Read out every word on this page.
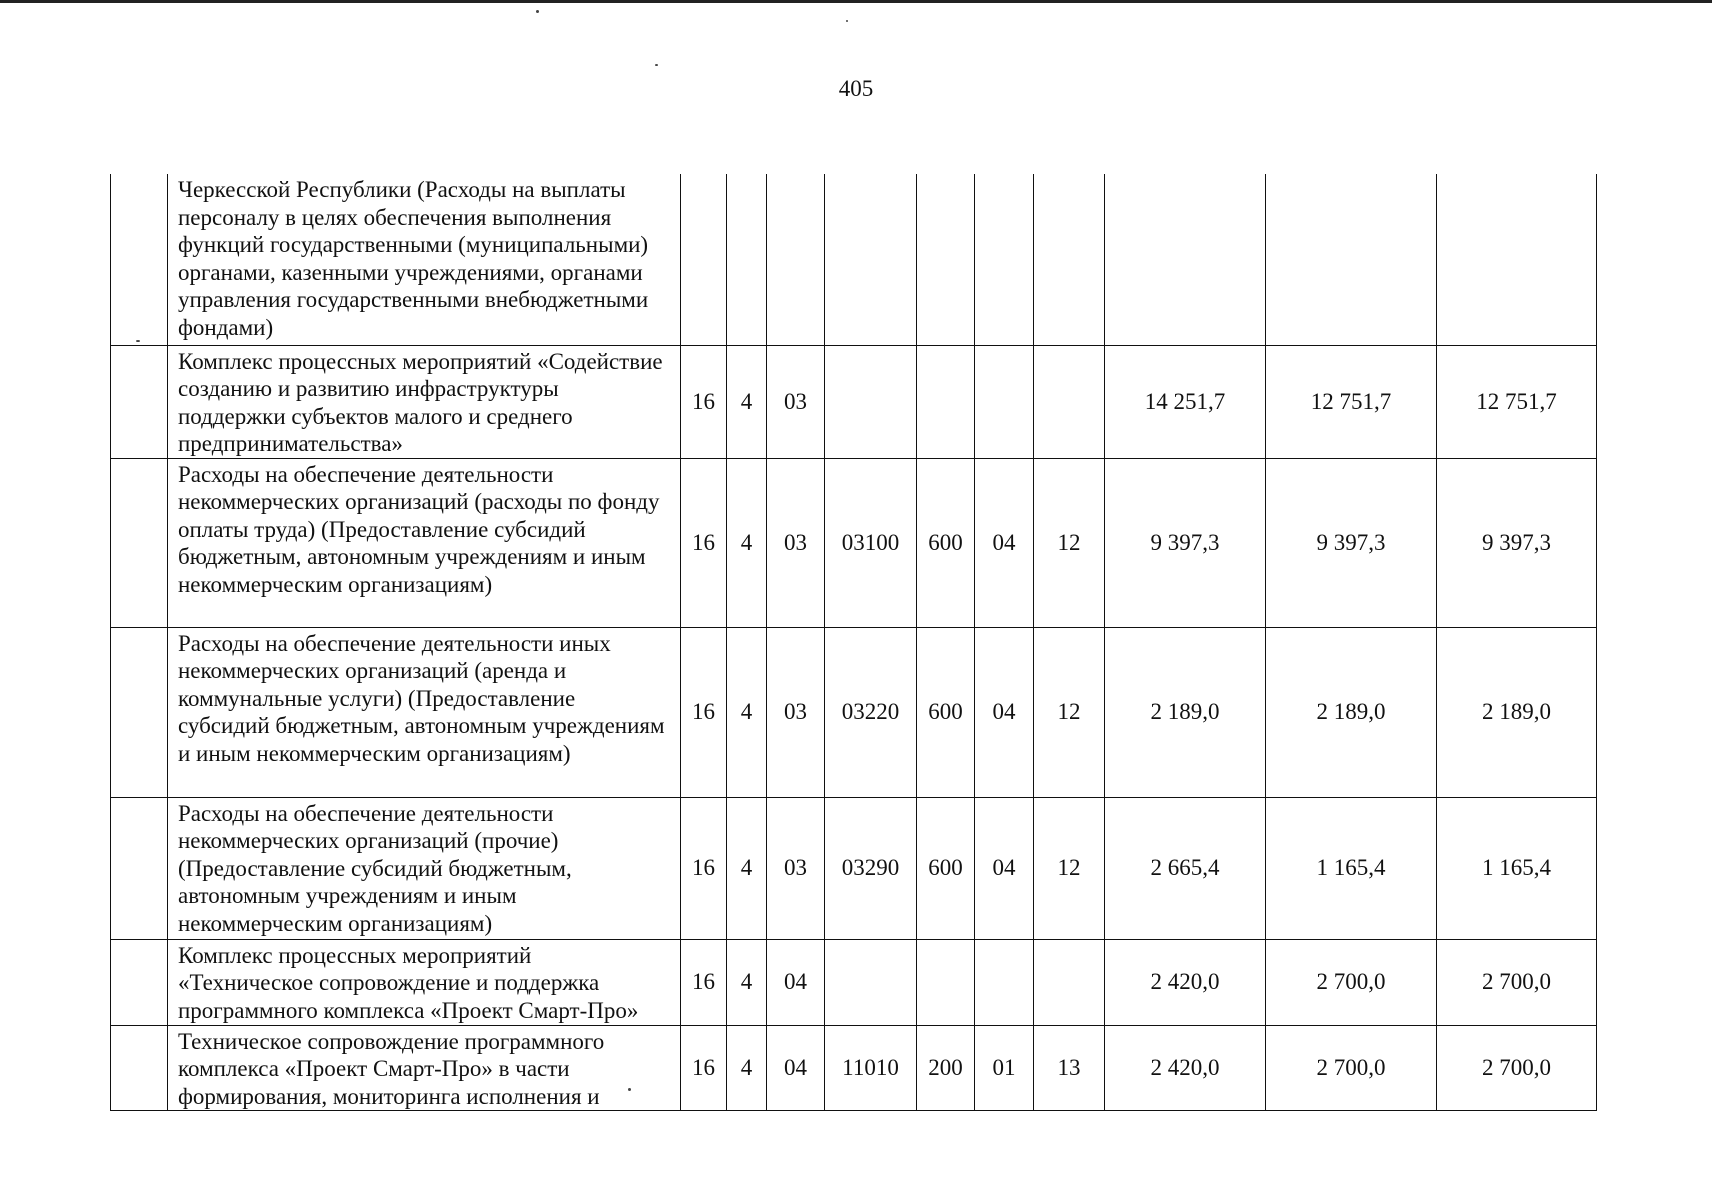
405
	Черкесской Республики (Расходы на выплаты персоналу в целях обеспечения выполнения функций государственными (муниципальными) органами, казенными учреждениями, органами управления государственными внебюджетными фондами)										
	Комплекс процессных мероприятий «Содействие созданию и развитию инфраструктуры поддержки субъектов малого и среднего предпринимательства»	16	4	03					14 251,7	12 751,7	12 751,7
	Расходы на обеспечение деятельности некоммерческих организаций (расходы по фонду оплаты труда) (Предоставление субсидий бюджетным, автономным учреждениям и иным некоммерческим организациям)	16	4	03	03100	600	04	12	9 397,3	9 397,3	9 397,3
	Расходы на обеспечение деятельности иных некоммерческих организаций (аренда и коммунальные услуги) (Предоставление субсидий бюджетным, автономным учреждениям и иным некоммерческим организациям)	16	4	03	03220	600	04	12	2 189,0	2 189,0	2 189,0
	Расходы на обеспечение деятельности некоммерческих организаций (прочие) (Предоставление субсидий бюджетным, автономным учреждениям и иным некоммерческим организациям)	16	4	03	03290	600	04	12	2 665,4	1 165,4	1 165,4
	Комплекс процессных мероприятий «Техническое сопровождение и поддержка программного комплекса «Проект Смарт-Про»	16	4	04					2 420,0	2 700,0	2 700,0
	Техническое сопровождение программного комплекса «Проект Смарт-Про» в части формирования, мониторинга исполнения и	16	4	04	11010	200	01	13	2 420,0	2 700,0	2 700,0
